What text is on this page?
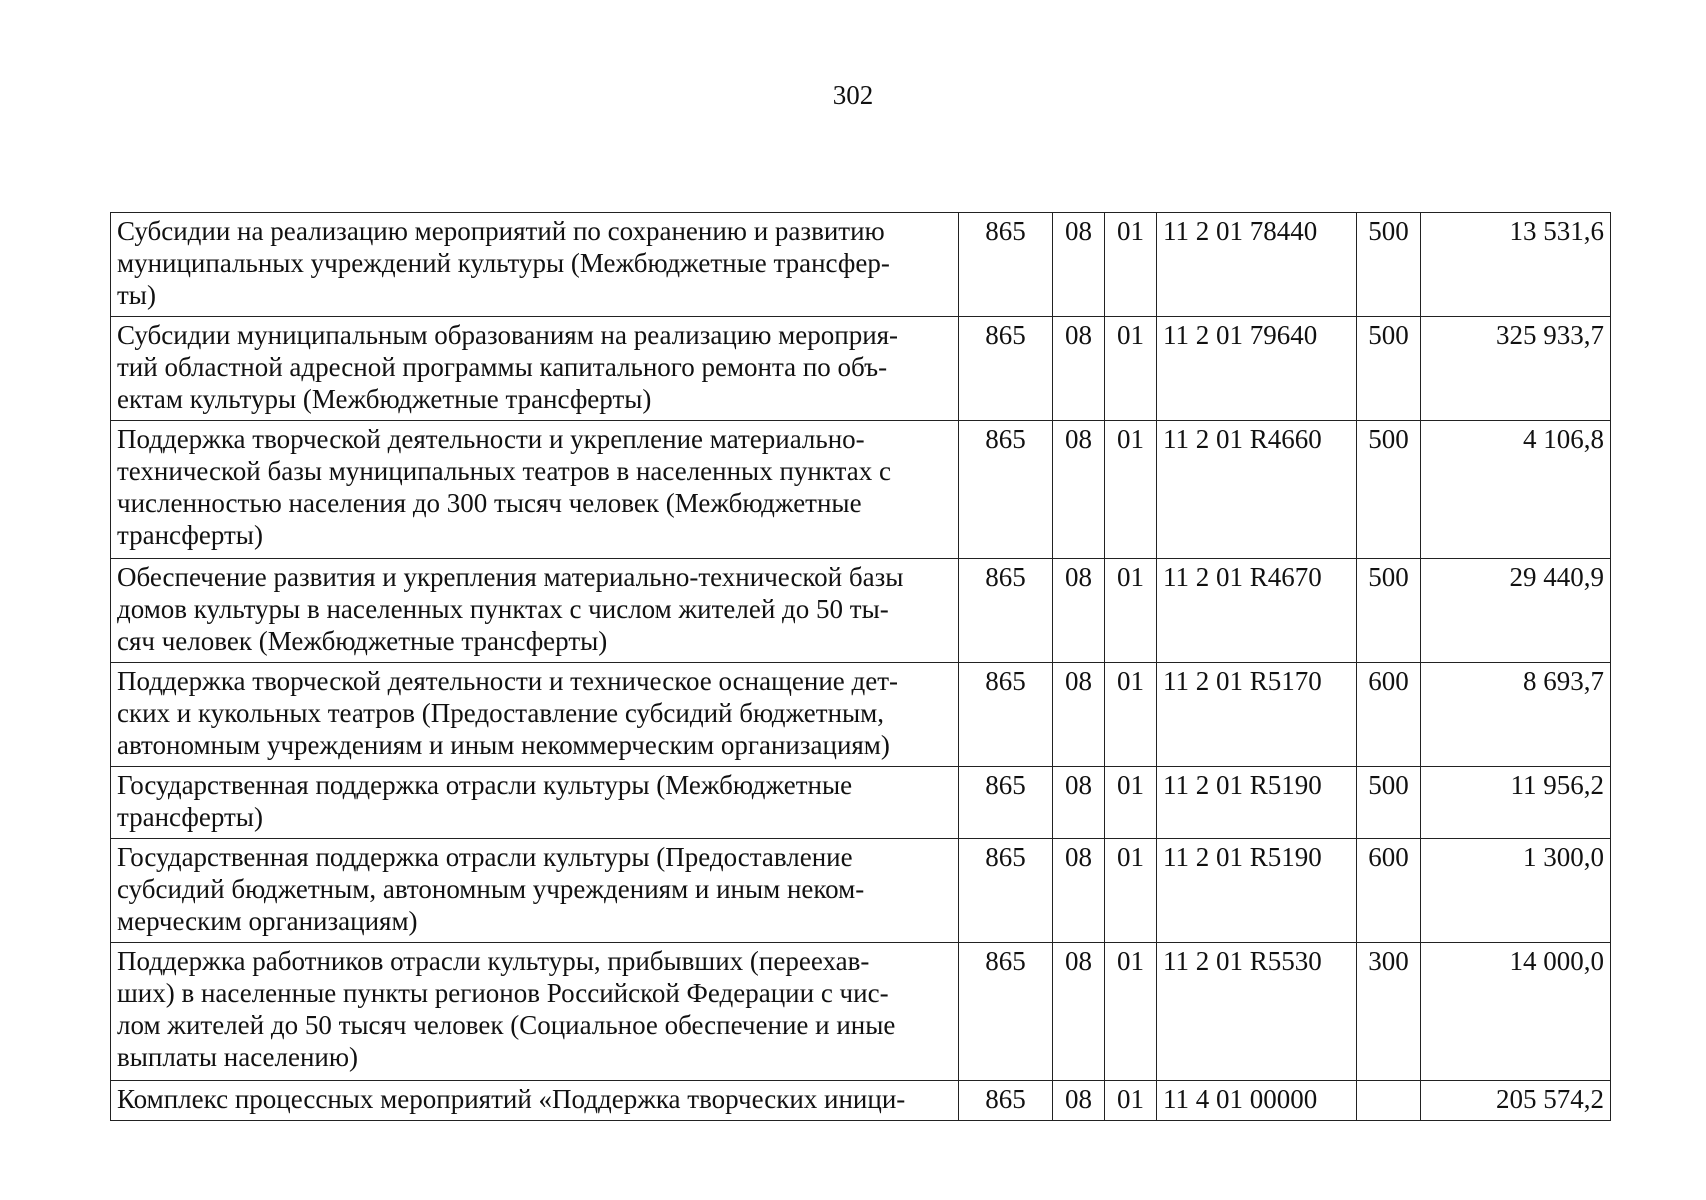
302
Субсидии на реализацию мероприятий по сохранению и развитию
муниципальных учреждений культуры (Межбюджетные трансфер-
ты)	865	08	01	11 2 01 78440	500	13 531,6

Субсидии муниципальным образованиям на реализацию мероприя-
тий областной адресной программы капитального ремонта по объ-
ектам культуры (Межбюджетные трансферты)	865	08	01	11 2 01 79640	500	325 933,7

Поддержка творческой деятельности и укрепление материально-
технической базы муниципальных театров в населенных пунктах с
численностью населения до 300 тысяч человек (Межбюджетные
трансферты)	865	08	01	11 2 01 R4660	500	4 106,8

Обеспечение развития и укрепления материально-технической базы
домов культуры в населенных пунктах с числом жителей до 50 ты-
сяч человек (Межбюджетные трансферты)	865	08	01	11 2 01 R4670	500	29 440,9

Поддержка творческой деятельности и техническое оснащение дет-
ских и кукольных театров (Предоставление субсидий бюджетным,
автономным учреждениям и иным некоммерческим организациям)	865	08	01	11 2 01 R5170	600	8 693,7

Государственная поддержка отрасли культуры (Межбюджетные
трансферты)	865	08	01	11 2 01 R5190	500	11 956,2

Государственная поддержка отрасли культуры (Предоставление
субсидий бюджетным, автономным учреждениям и иным неком-
мерческим организациям)	865	08	01	11 2 01 R5190	600	1 300,0

Поддержка работников отрасли культуры, прибывших (переехав-
ших) в населенные пункты регионов Российской Федерации с чис-
лом жителей до 50 тысяч человек (Социальное обеспечение и иные
выплаты населению)	865	08	01	11 2 01 R5530	300	14 000,0

Комплекс процессных мероприятий «Поддержка творческих иници-	865	08	01	11 4 01 00000		205 574,2
